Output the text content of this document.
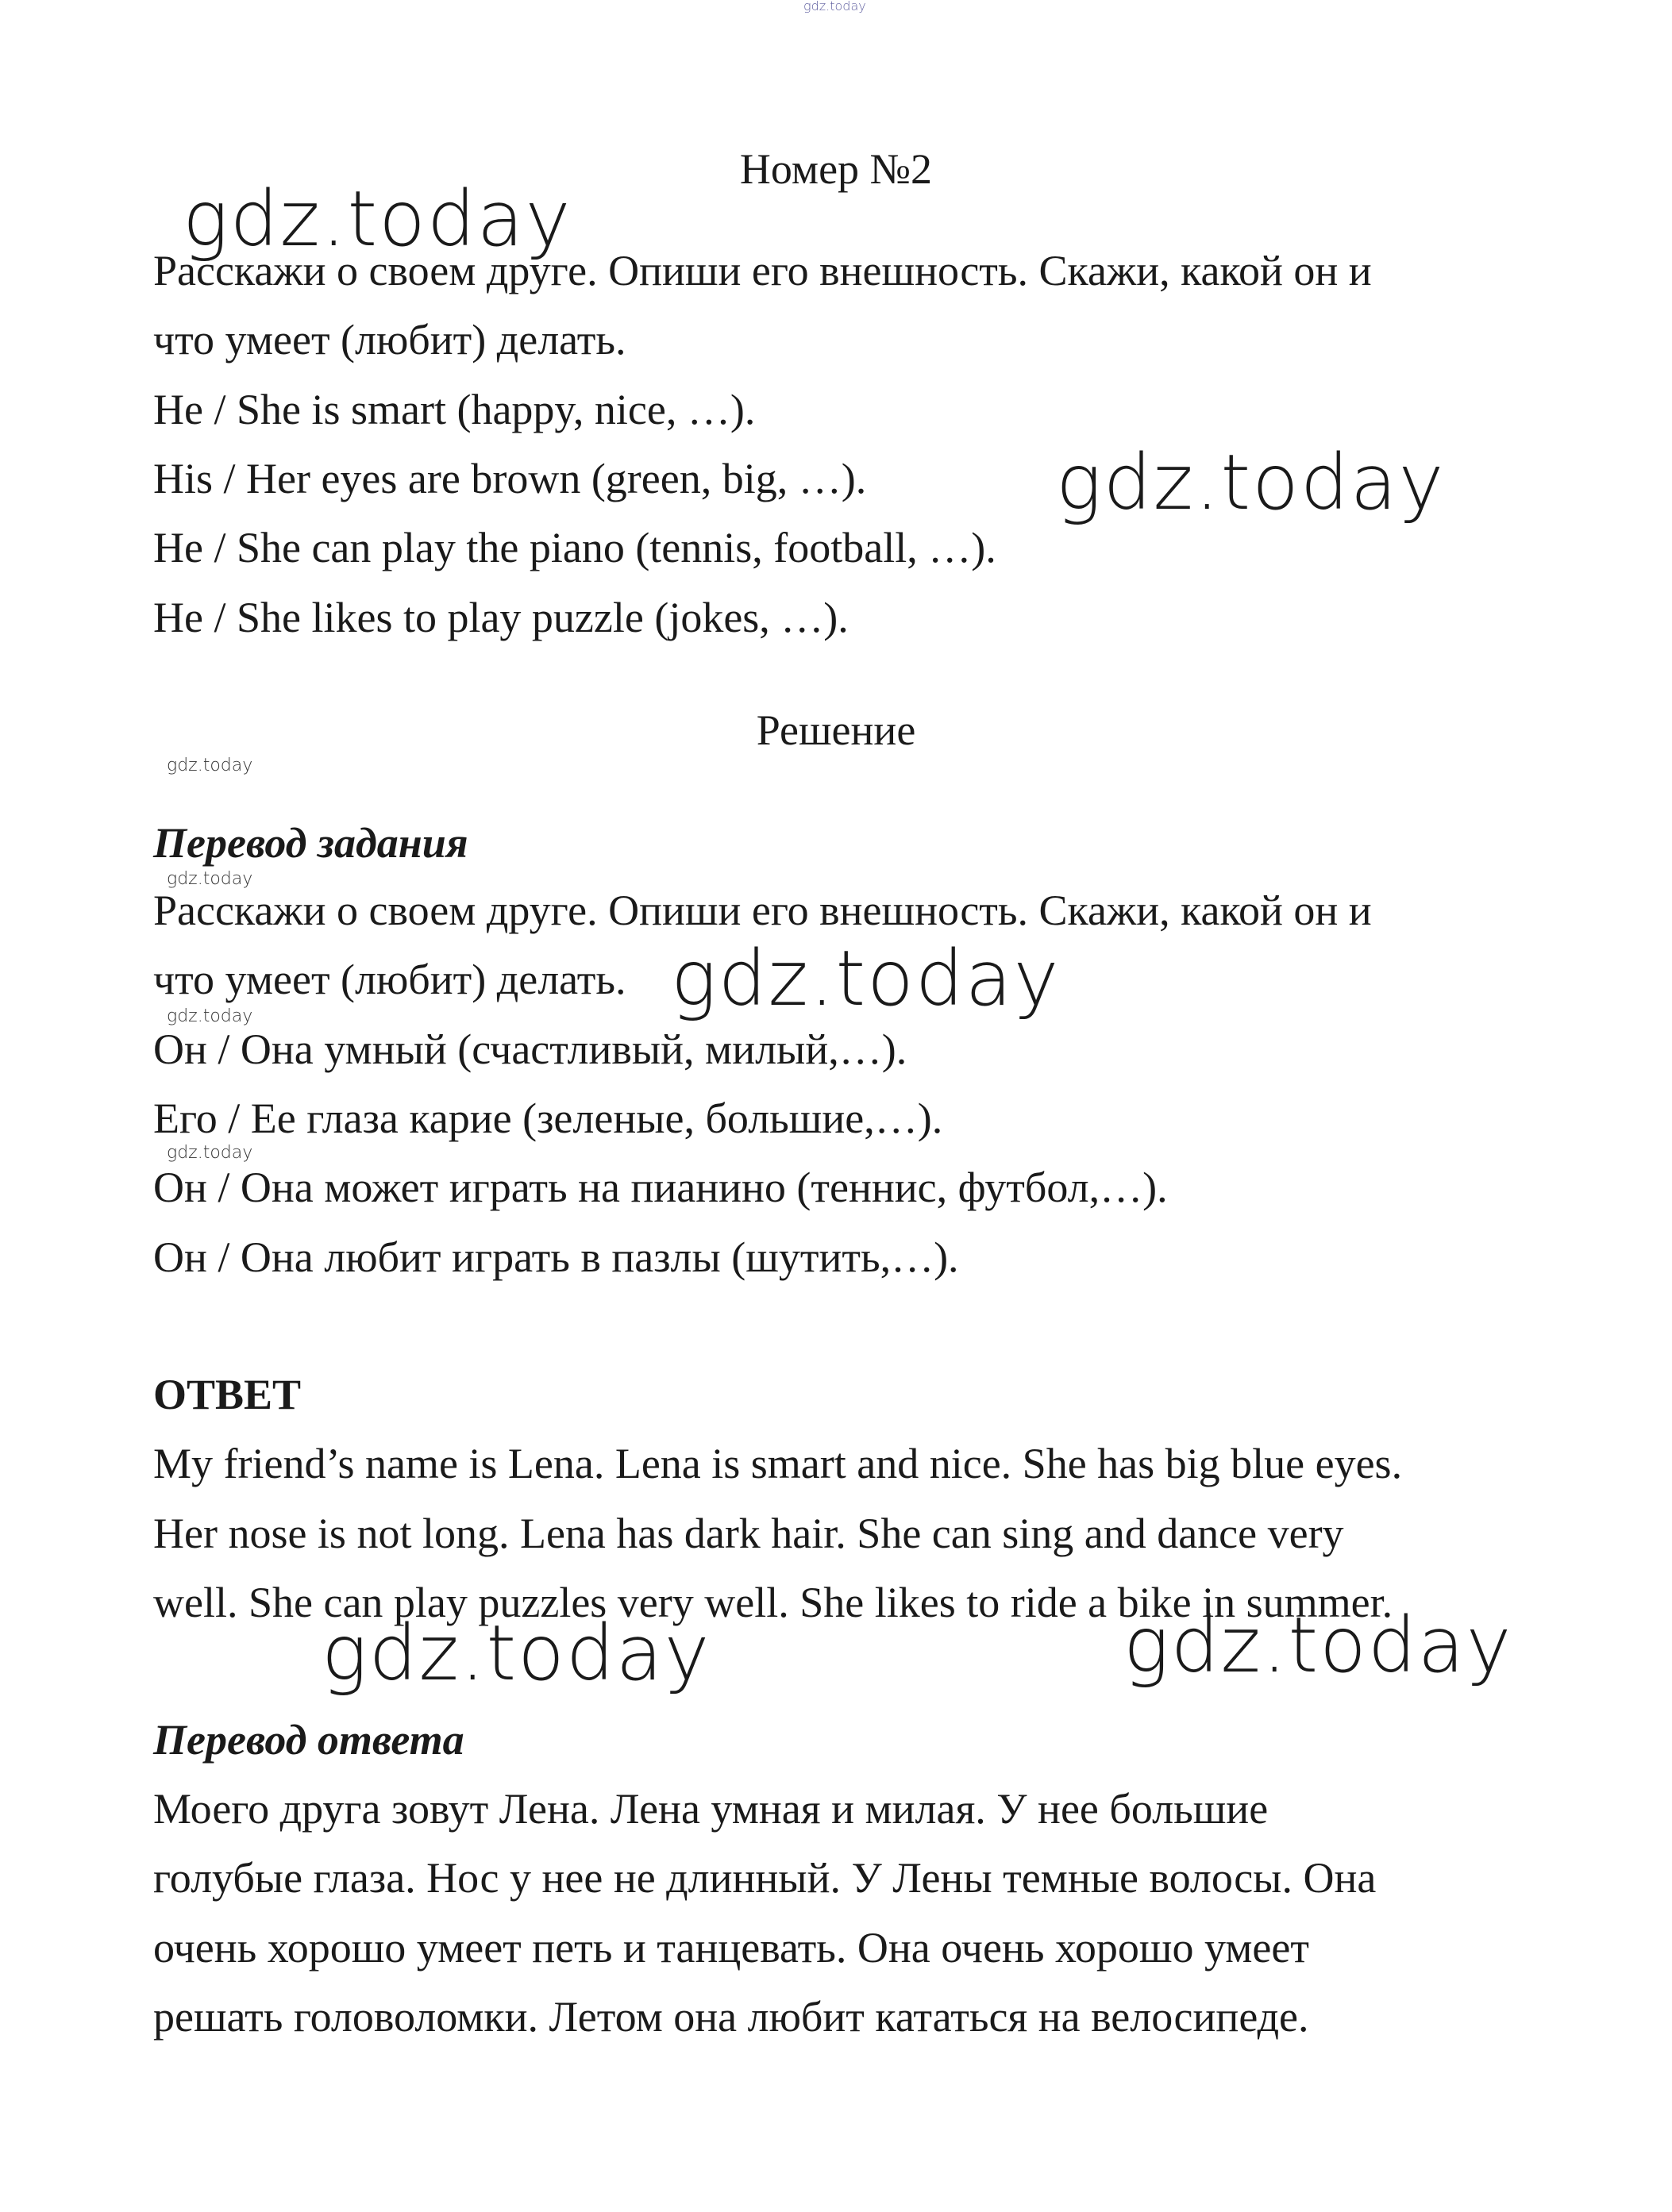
gdz.today
Номер №2
Расскажи о своем друге. Опиши его внешность. Скажи, какой он и
что умеет (любит) делать.
He / She is smart (happy, nice, …).
His / Her eyes are brown (green, big, …).
He / She can play the piano (tennis, football, …).
He / She likes to play puzzle (jokes, …).
Решение
Перевод задания
Расскажи о своем друге. Опиши его внешность. Скажи, какой он и
что умеет (любит) делать.
Он / Она умный (счастливый, милый,…).
Его / Ее глаза карие (зеленые, большие,…).
Он / Она может играть на пианино (теннис, футбол,…).
Он / Она любит играть в пазлы (шутить,…).
ОТВЕТ
My friend’s name is Lena. Lena is smart and nice. She has big blue eyes.
Her nose is not long. Lena has dark hair. She can sing and dance very
well. She can play puzzles very well. She likes to ride a bike in summer.
Перевод ответа
Моего друга зовут Лена. Лена умная и милая. У нее большие
голубые глаза. Нос у нее не длинный. У Лены темные волосы. Она
очень хорошо умеет петь и танцевать. Она очень хорошо умеет
решать головоломки. Летом она любит кататься на велосипеде.
gdz.today
gdz.today
gdz.today
gdz.today
gdz.today
gdz.today
gdz.today
gdz.today	gdz.today
